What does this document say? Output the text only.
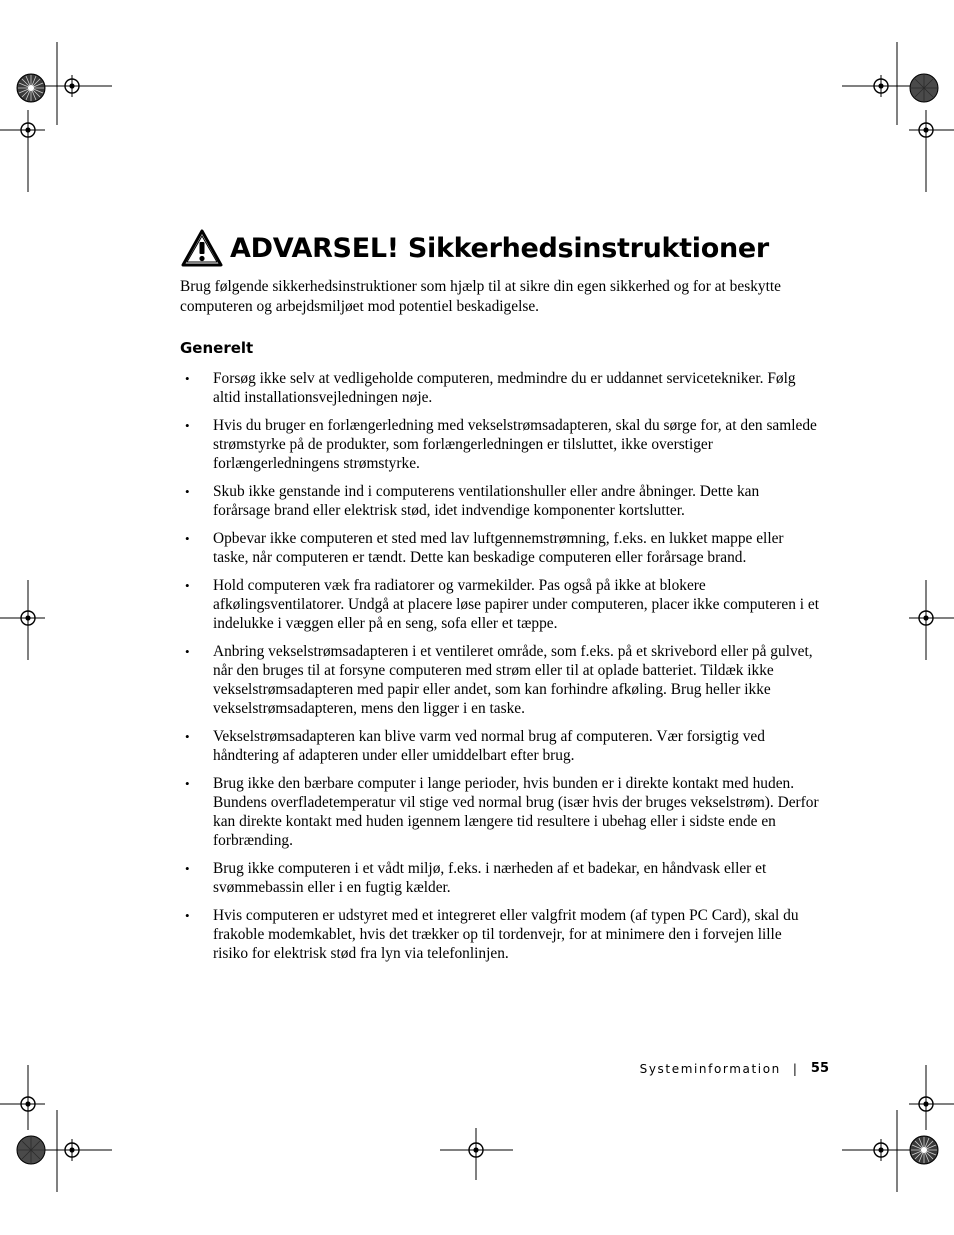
ADVARSEL! Sikkerhedsinstruktioner

Brug følgende sikkerhedsinstruktioner som hjælp til at sikre din egen sikkerhed og for at beskytte computeren og arbejdsmiljøet mod potentiel beskadigelse.

Generelt
• Forsøg ikke selv at vedligeholde computeren, medmindre du er uddannet servicetekniker. Følg altid installationsvejledningen nøje.
• Hvis du bruger en forlængerledning med vekselstrømsadapteren, skal du sørge for, at den samlede strømstyrke på de produkter, som forlængerledningen er tilsluttet, ikke overstiger forlængerledningens strømstyrke.
• Skub ikke genstande ind i computerens ventilationshuller eller andre åbninger. Dette kan forårsage brand eller elektrisk stød, idet indvendige komponenter kortslutter.
• Opbevar ikke computeren et sted med lav luftgennemstrømning, f.eks. en lukket mappe eller taske, når computeren er tændt. Dette kan beskadige computeren eller forårsage brand.
• Hold computeren væk fra radiatorer og varmekilder. Pas også på ikke at blokere afkølingsventilatorer. Undgå at placere løse papirer under computeren, placer ikke computeren i et indelukke i væggen eller på en seng, sofa eller et tæppe.
• Anbring vekselstrømsadapteren i et ventileret område, som f.eks. på et skrivebord eller på gulvet, når den bruges til at forsyne computeren med strøm eller til at oplade batteriet. Tildæk ikke vekselstrømsadapteren med papir eller andet, som kan forhindre afkøling. Brug heller ikke vekselstrømsadapteren, mens den ligger i en taske.
• Vekselstrømsadapteren kan blive varm ved normal brug af computeren. Vær forsigtig ved håndtering af adapteren under eller umiddelbart efter brug.
• Brug ikke den bærbare computer i lange perioder, hvis bunden er i direkte kontakt med huden. Bundens overfladetemperatur vil stige ved normal brug (især hvis der bruges vekselstrøm). Derfor kan direkte kontakt med huden igennem længere tid resultere i ubehag eller i sidste ende en forbrænding.
• Brug ikke computeren i et vådt miljø, f.eks. i nærheden af et badekar, en håndvask eller et svømmebassin eller i en fugtig kælder.
• Hvis computeren er udstyret med et integreret eller valgfrit modem (af typen PC Card), skal du frakoble modemkablet, hvis det trækker op til tordenvejr, for at minimere den i forvejen lille risiko for elektrisk stød fra lyn via telefonlinjen.
Systeminformation | 55
